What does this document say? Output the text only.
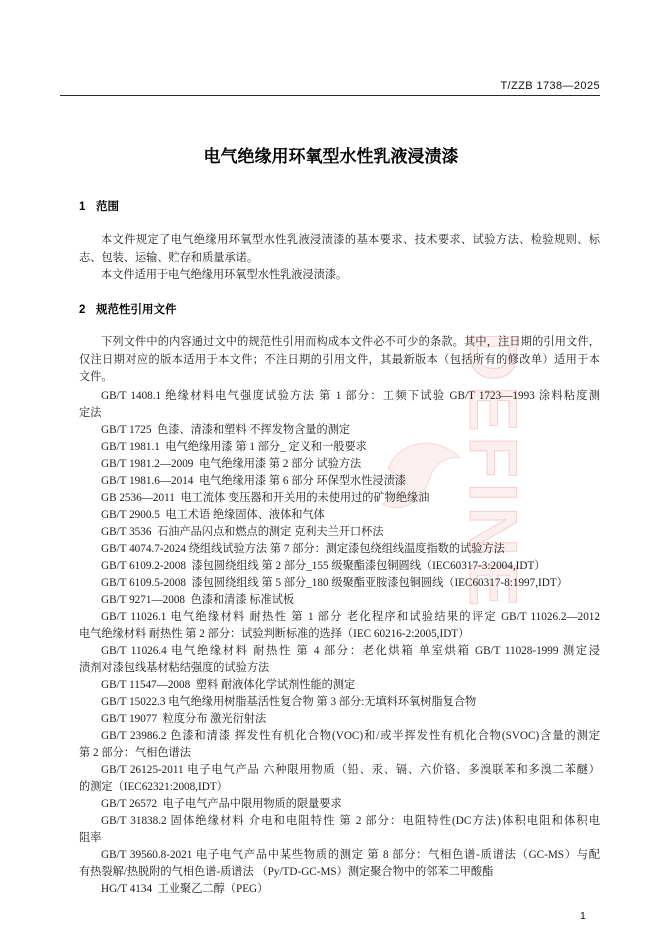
T/ZZB 1738—2025
DEFINE
电气绝缘用环氧型水性乳液浸渍漆
1 范围
本文件规定了电气绝缘用环氧型水性乳液浸渍漆的基本要求、技术要求、试验方法、检验规则、标
志、包装、运输、贮存和质量承诺。
本文件适用于电气绝缘用环氧型水性乳液浸渍漆。
2 规范性引用文件
下列文件中的内容通过文中的规范性引用而构成本文件必不可少的条款。其中，注日期的引用文件，
仅注日期对应的版本适用于本文件；不注日期的引用文件，其最新版本（包括所有的修改单）适用于本
文件。
GB/T 1408.1 绝缘材料电气强度试验方法 第 1 部分：工频下试验 GB/T 1723—1993 涂料粘度测
定法
GB/T 1725  色漆、清漆和塑料 不挥发物含量的测定
GB/T 1981.1  电气绝缘用漆 第 1 部分_ 定义和一般要求
GB/T 1981.2—2009  电气绝缘用漆 第 2 部分 试验方法
GB/T 1981.6—2014  电气绝缘用漆 第 6 部分 环保型水性浸渍漆
GB 2536—2011  电工流体 变压器和开关用的未使用过的矿物绝缘油
GB/T 2900.5  电工术语 绝缘固体、液体和气体
GB/T 3536  石油产品闪点和燃点的测定 克利夫兰开口杯法
GB/T 4074.7-2024 绕组线试验方法 第 7 部分：测定漆包绕组线温度指数的试验方法
GB/T 6109.2-2008  漆包圆绕组线 第 2 部分_155 级聚酯漆包铜圆线（IEC60317-3:2004,IDT）
GB/T 6109.5-2008  漆包圆绕组线 第 5 部分_180 级聚酯亚胺漆包铜圆线（IEC60317-8:1997,IDT）
GB/T 9271—2008  色漆和清漆 标准试板
GB/T 11026.1 电气绝缘材料 耐热性 第 1 部分 老化程序和试验结果的评定 GB/T 11026.2—2012
电气绝缘材料 耐热性 第 2 部分：试验判断标准的选择（IEC 60216-2:2005,IDT）
GB/T 11026.4 电气绝缘材料 耐热性 第 4 部分：老化烘箱 单室烘箱 GB/T 11028-1999 测定浸
渍剂对漆包线基材粘结强度的试验方法
GB/T 11547—2008  塑料 耐液体化学试剂性能的测定
GB/T 15022.3 电气绝缘用树脂基活性复合物 第 3 部分:无填料环氧树脂复合物
GB/T 19077  粒度分布 激光衍射法
GB/T 23986.2 色漆和清漆 挥发性有机化合物(VOC)和/或半挥发性有机化合物(SVOC)含量的测定
第 2 部分：气相色谱法
GB/T 26125-2011 电子电气产品 六种限用物质（铅、汞、镉、六价铬、多溴联苯和多溴二苯醚）
的测定（IEC62321:2008,IDT）
GB/T 26572  电子电气产品中限用物质的限量要求
GB/T 31838.2 固体绝缘材料 介电和电阻特性 第 2 部分：电阻特性(DC方法)体积电阻和体积电
阻率
GB/T 39560.8-2021 电子电气产品中某些物质的测定 第 8 部分：气相色谱-质谱法（GC-MS）与配
有热裂解/热脱附的气相色谱-质谱法 （Py/TD-GC-MS）测定聚合物中的邻苯二甲酸酯
HG/T 4134  工业聚乙二醇（PEG）
1
